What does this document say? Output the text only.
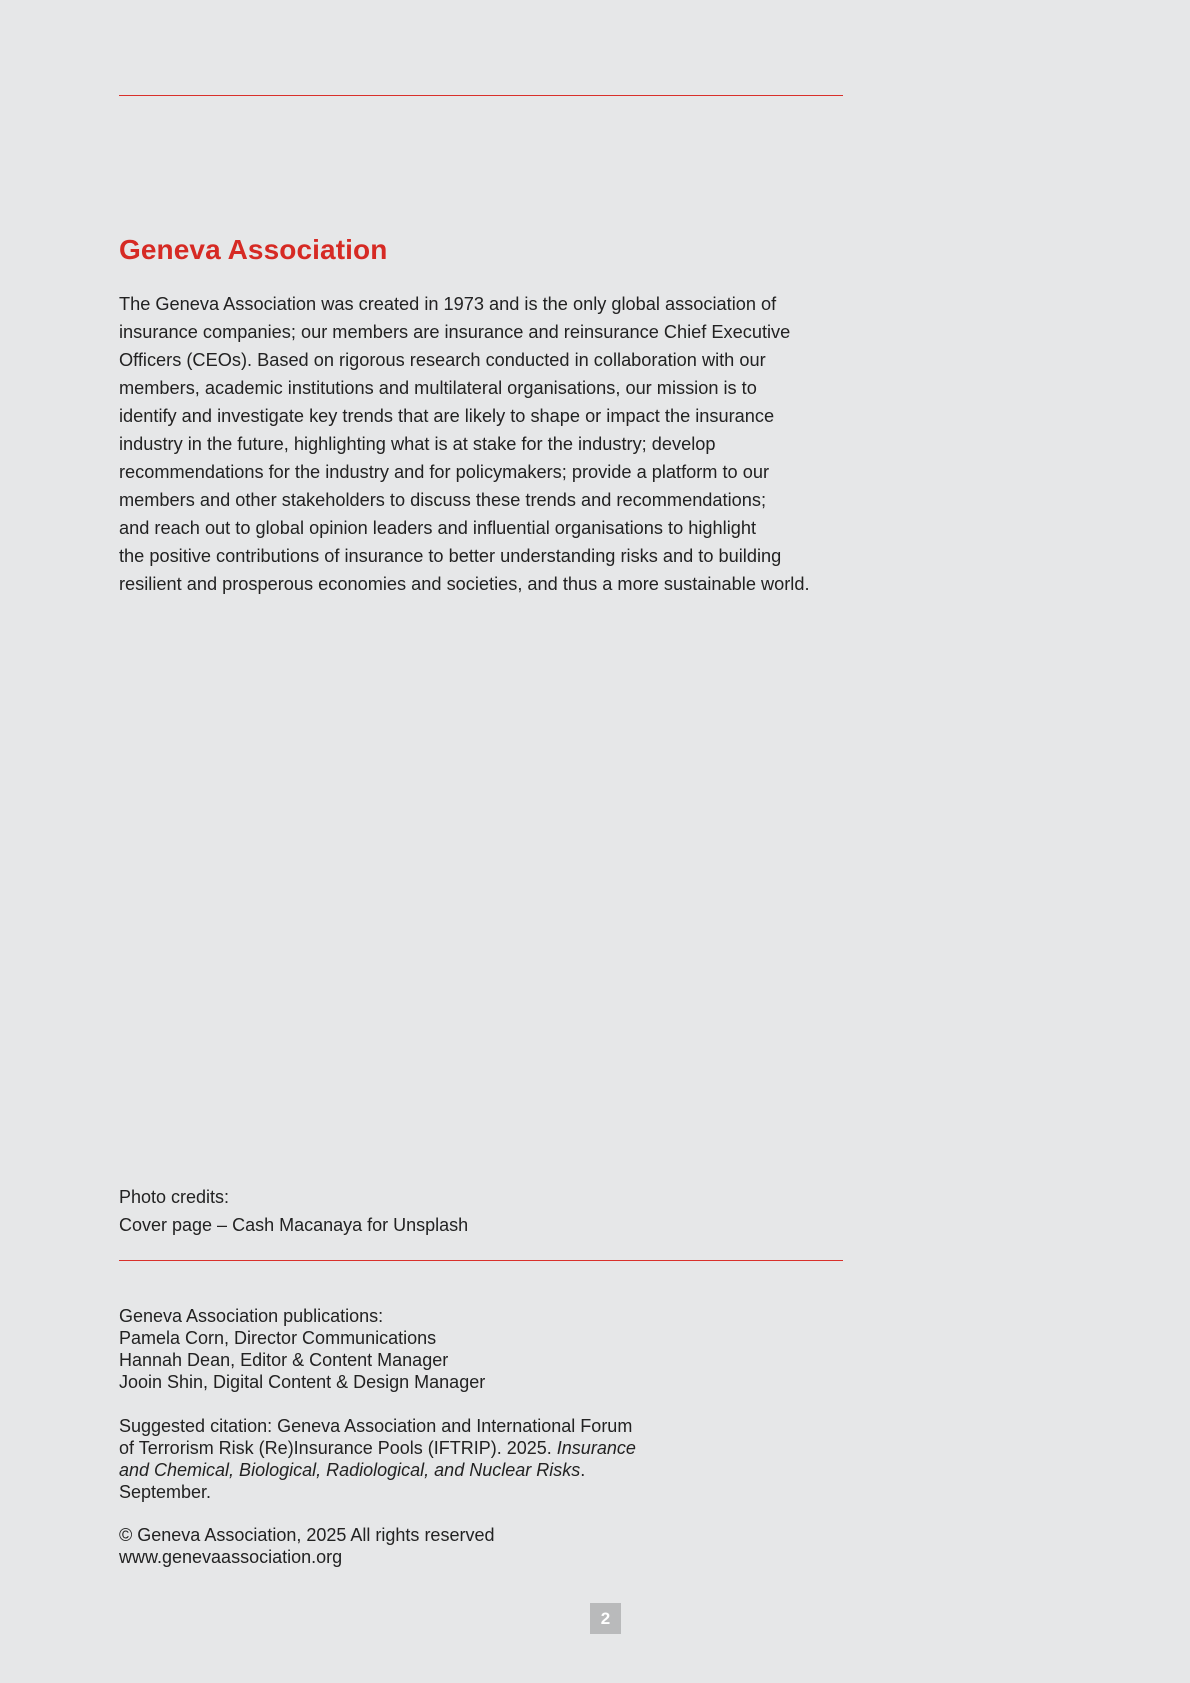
Geneva Association
The Geneva Association was created in 1973 and is the only global association of
insurance companies; our members are insurance and reinsurance Chief Executive
Officers (CEOs). Based on rigorous research conducted in collaboration with our
members, academic institutions and multilateral organisations, our mission is to
identify and investigate key trends that are likely to shape or impact the insurance
industry in the future, highlighting what is at stake for the industry; develop
recommendations for the industry and for policymakers; provide a platform to our
members and other stakeholders to discuss these trends and recommendations;
and reach out to global opinion leaders and influential organisations to highlight
the positive contributions of insurance to better understanding risks and to building
resilient and prosperous economies and societies, and thus a more sustainable world.
Photo credits:
Cover page – Cash Macanaya for Unsplash
Geneva Association publications:
Pamela Corn, Director Communications
Hannah Dean, Editor & Content Manager
Jooin Shin, Digital Content & Design Manager
Suggested citation: Geneva Association and International Forum
of Terrorism Risk (Re)Insurance Pools (IFTRIP). 2025. Insurance
and Chemical, Biological, Radiological, and Nuclear Risks.
September.
© Geneva Association, 2025 All rights reserved
www.genevaassociation.org
2
